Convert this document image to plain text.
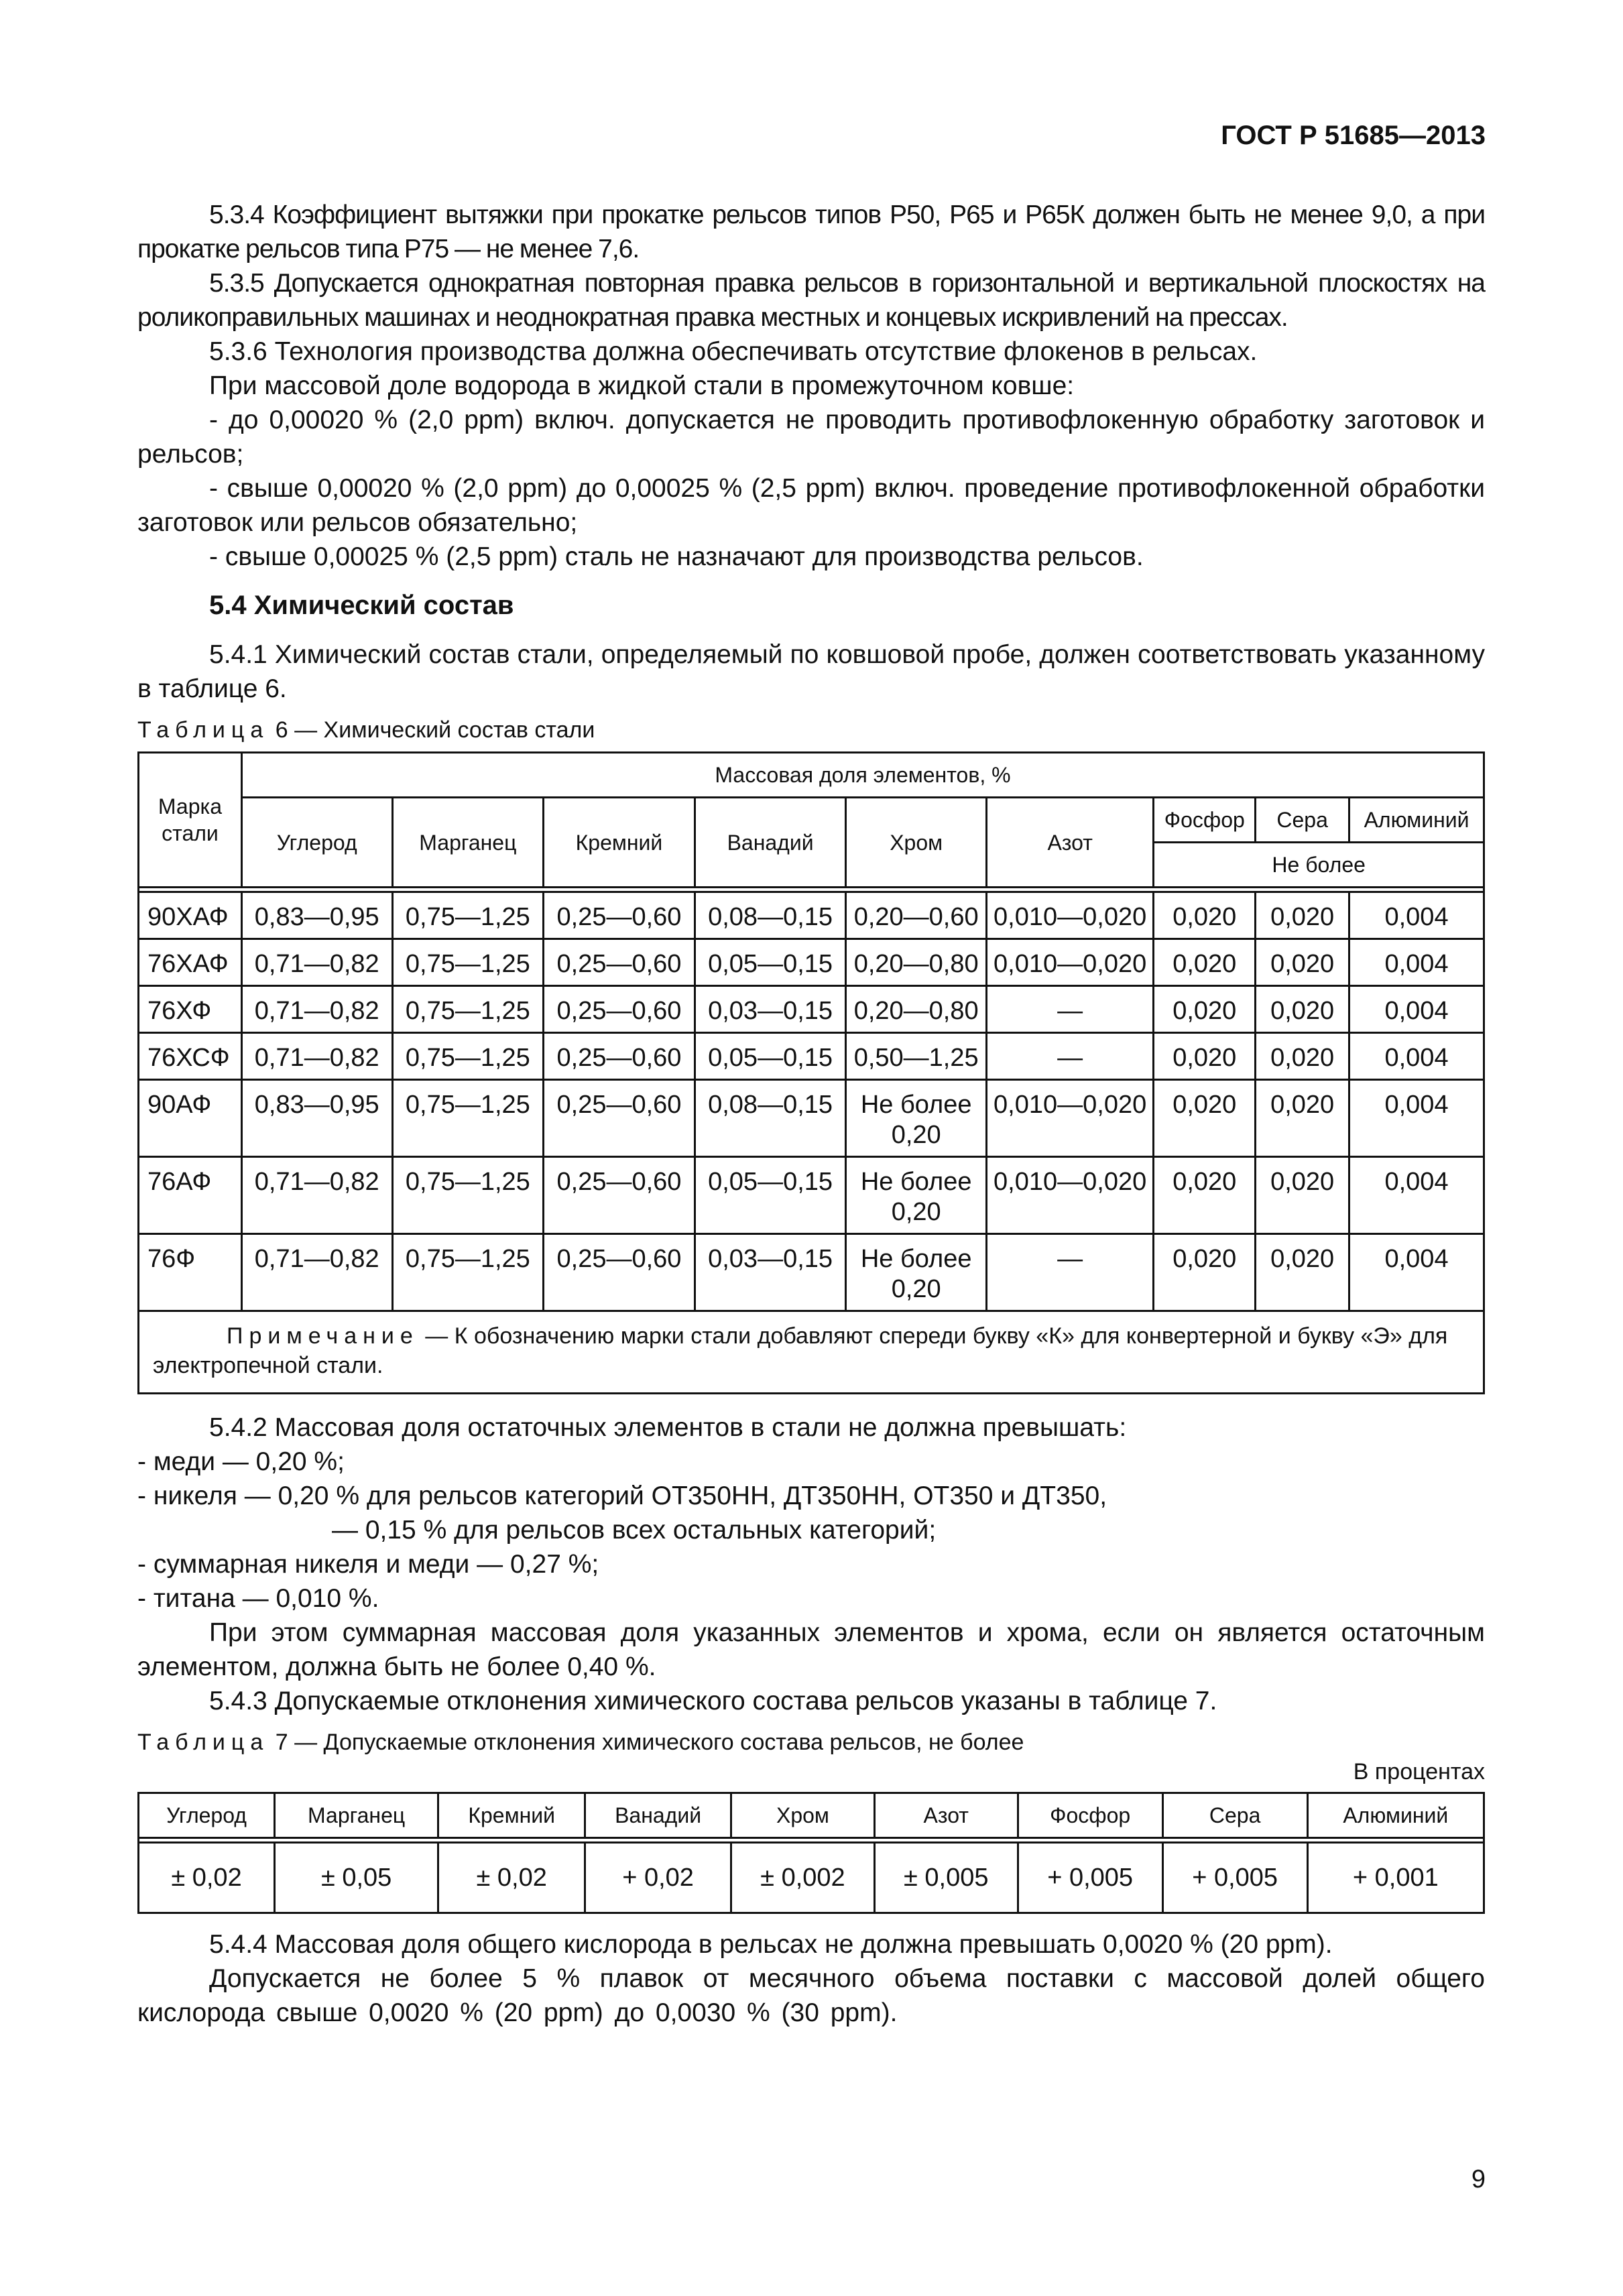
ГОСТ Р 51685—2013

5.3.4 Коэффициент вытяжки при прокатке рельсов типов Р50, Р65 и Р65К должен быть не менее 9,0, а при прокатке рельсов типа Р75 — не менее 7,6.

5.3.5 Допускается однократная повторная правка рельсов в горизонтальной и вертикальной плоскостях на роликоправильных машинах и неоднократная правка местных и концевых искривлений на прессах.

5.3.6 Технология производства должна обеспечивать отсутствие флокенов в рельсах.

При массовой доле водорода в жидкой стали в промежуточном ковше:

- до 0,00020 % (2,0 ppm) включ. допускается не проводить противофлокенную обработку заготовок и рельсов;

- свыше 0,00020 % (2,0 ppm) до 0,00025 % (2,5 ppm) включ. проведение противофлокенной обработки заготовок или рельсов обязательно;

- свыше 0,00025 % (2,5 ppm) сталь не назначают для производства рельсов.

5.4 Химический состав

5.4.1 Химический состав стали, определяемый по ковшовой пробе, должен соответствовать указанному в таблице 6.

Таблица 6 — Химический состав стали

Марка стали	Массовая доля элементов, %								
	Углерод	Марганец	Кремний	Ванадий	Хром	Азот	Фосфор	Сера	Алюминий
							Не более		

90ХАФ	0,83—0,95	0,75—1,25	0,25—0,60	0,08—0,15	0,20—0,60	0,010—0,020	0,020	0,020	0,004
76ХАФ	0,71—0,82	0,75—1,25	0,25—0,60	0,05—0,15	0,20—0,80	0,010—0,020	0,020	0,020	0,004
76ХФ	0,71—0,82	0,75—1,25	0,25—0,60	0,03—0,15	0,20—0,80	—	0,020	0,020	0,004
76ХСФ	0,71—0,82	0,75—1,25	0,25—0,60	0,05—0,15	0,50—1,25	—	0,020	0,020	0,004
90АФ	0,83—0,95	0,75—1,25	0,25—0,60	0,08—0,15	Не более 0,20	0,010—0,020	0,020	0,020	0,004
76АФ	0,71—0,82	0,75—1,25	0,25—0,60	0,05—0,15	Не более 0,20	0,010—0,020	0,020	0,020	0,004
76Ф	0,71—0,82	0,75—1,25	0,25—0,60	0,03—0,15	Не более 0,20	—	0,020	0,020	0,004
Примечание — К обозначению марки стали добавляют спереди букву «К» для конвертерной и букву «Э» для электропечной стали.									

5.4.2 Массовая доля остаточных элементов в стали не должна превышать:

- меди — 0,20 %;

- никеля — 0,20 % для рельсов категорий ОТ350НН, ДТ350НН, ОТ350 и ДТ350,

— 0,15 % для рельсов всех остальных категорий;

- суммарная никеля и меди — 0,27 %;

- титана — 0,010 %.

При этом суммарная массовая доля указанных элементов и хрома, если он является остаточным элементом, должна быть не более 0,40 %.

5.4.3 Допускаемые отклонения химического состава рельсов указаны в таблице 7.

Таблица 7 — Допускаемые отклонения химического состава рельсов, не более

В процентах

Углерод	Марганец	Кремний	Ванадий	Хром	Азот	Фосфор	Сера	Алюминий

± 0,02	± 0,05	± 0,02	+ 0,02	± 0,002	± 0,005	+ 0,005	+ 0,005	+ 0,001

5.4.4 Массовая доля общего кислорода в рельсах не должна превышать 0,0020 % (20 ppm).

Допускается не более 5 % плавок от месячного объема поставки с массовой долей общего кислорода свыше 0,0020 % (20 ppm) до 0,0030 % (30 ppm).

9
